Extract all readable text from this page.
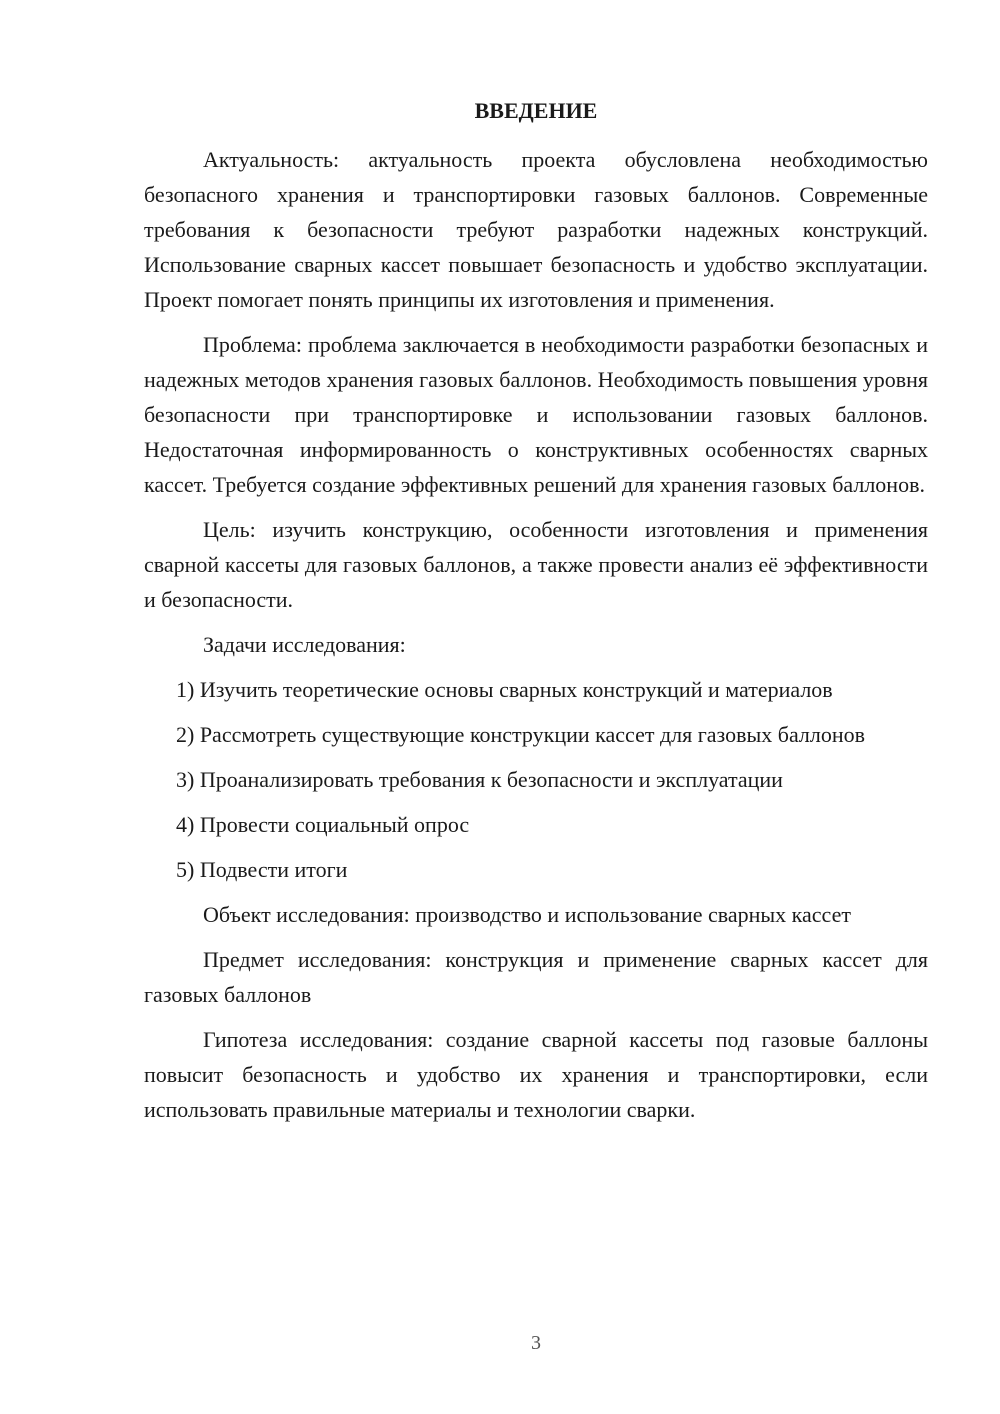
ВВЕДЕНИЕ

Актуальность: актуальность проекта обусловлена необходимостью безопасного хранения и транспортировки газовых баллонов. Современные требования к безопасности требуют разработки надежных конструкций. Использование сварных кассет повышает безопасность и удобство эксплуатации. Проект помогает понять принципы их изготовления и применения.

Проблема: проблема заключается в необходимости разработки безопасных и надежных методов хранения газовых баллонов. Необходимость повышения уровня безопасности при транспортировке и использовании газовых баллонов. Недостаточная информированность о конструктивных особенностях сварных кассет. Требуется создание эффективных решений для хранения газовых баллонов.

Цель: изучить конструкцию, особенности изготовления и применения сварной кассеты для газовых баллонов, а также провести анализ её эффективности и безопасности.

Задачи исследования:

1) Изучить теоретические основы сварных конструкций и материалов

2) Рассмотреть существующие конструкции кассет для газовых баллонов

3) Проанализировать требования к безопасности и эксплуатации

4) Провести социальный опрос

5) Подвести итоги

Объект исследования: производство и использование сварных кассет

Предмет исследования: конструкция и применение сварных кассет для газовых баллонов

Гипотеза исследования: создание сварной кассеты под газовые баллоны повысит безопасность и удобство их хранения и транспортировки, если использовать правильные материалы и технологии сварки.

3
